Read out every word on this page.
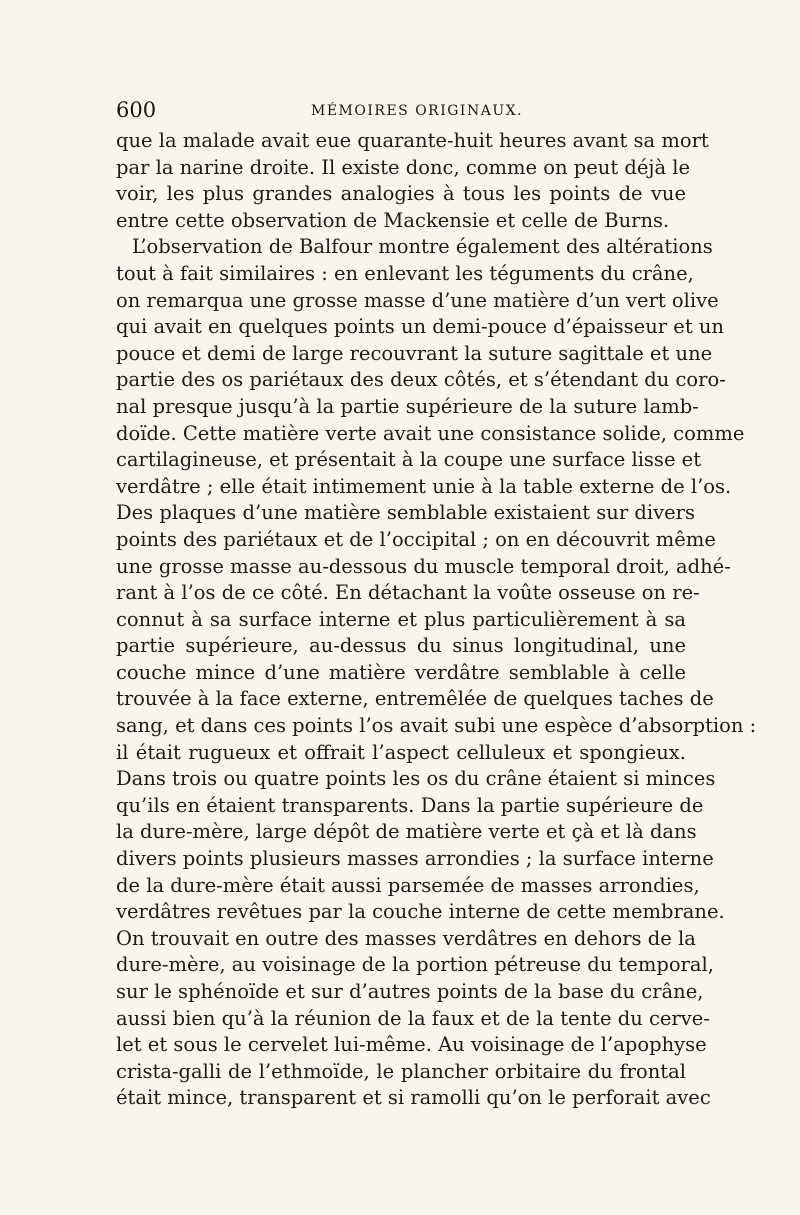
600	MÉMOIRES ORIGINAUX.
que la malade avait eue quarante-huit heures avant sa mort
par la narine droite. Il existe donc, comme on peut déjà le
voir, les plus grandes analogies à tous les points de vue
entre cette observation de Mackensie et celle de Burns.
L’observation de Balfour montre également des altérations
tout à fait similaires : en enlevant les téguments du crâne,
on remarqua une grosse masse d’une matière d’un vert olive
qui avait en quelques points un demi-pouce d’épaisseur et un
pouce et demi de large recouvrant la suture sagittale et une
partie des os pariétaux des deux côtés, et s’étendant du coro-
nal presque jusqu’à la partie supérieure de la suture lamb-
doïde. Cette matière verte avait une consistance solide, comme
cartilagineuse, et présentait à la coupe une surface lisse et
verdâtre ; elle était intimement unie à la table externe de l’os.
Des plaques d’une matière semblable existaient sur divers
points des pariétaux et de l’occipital ; on en découvrit même
une grosse masse au-dessous du muscle temporal droit, adhé-
rant à l’os de ce côté. En détachant la voûte osseuse on re-
connut à sa surface interne et plus particulièrement à sa
partie supérieure, au-dessus du sinus longitudinal, une
couche mince d’une matière verdâtre semblable à celle
trouvée à la face externe, entremêlée de quelques taches de
sang, et dans ces points l’os avait subi une espèce d’absorption :
il était rugueux et offrait l’aspect celluleux et spongieux.
Dans trois ou quatre points les os du crâne étaient si minces
qu’ils en étaient transparents. Dans la partie supérieure de
la dure-mère, large dépôt de matière verte et çà et là dans
divers points plusieurs masses arrondies ; la surface interne
de la dure-mère était aussi parsemée de masses arrondies,
verdâtres revêtues par la couche interne de cette membrane.
On trouvait en outre des masses verdâtres en dehors de la
dure-mère, au voisinage de la portion pétreuse du temporal,
sur le sphénoïde et sur d’autres points de la base du crâne,
aussi bien qu’à la réunion de la faux et de la tente du cerve-
let et sous le cervelet lui-même. Au voisinage de l’apophyse
crista-galli de l’ethmoïde, le plancher orbitaire du frontal
était mince, transparent et si ramolli qu’on le perforait avec
